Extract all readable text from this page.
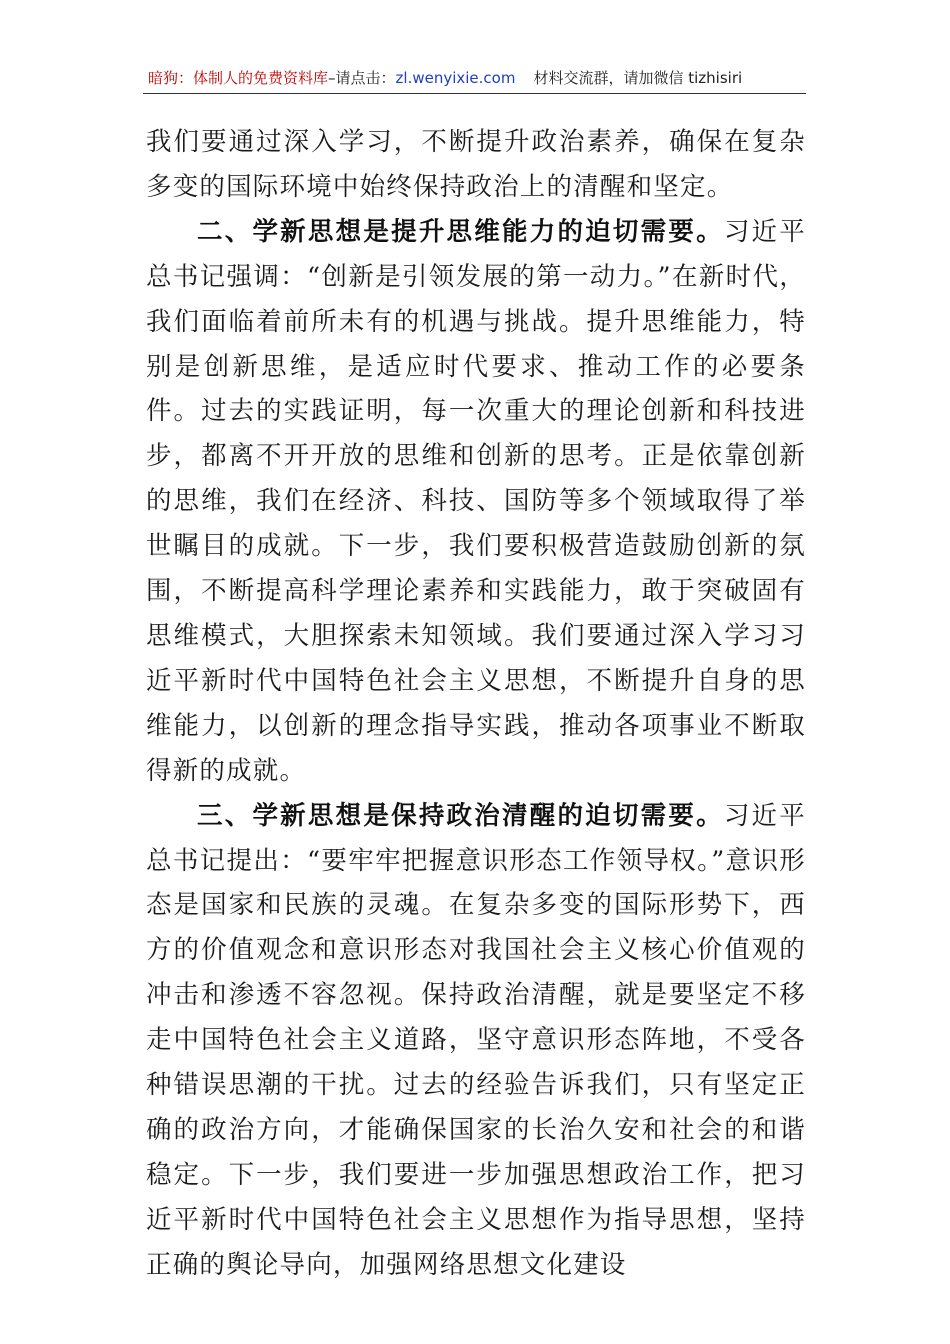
暗狗：体制人的免费资料库–请点击：zl.wenyixie.com 材料交流群，请加微信 tizhisiri

我们要通过深入学习，不断提升政治素养，确保在复杂多变的国际环境中始终保持政治上的清醒和坚定。

二、学新思想是提升思维能力的迫切需要。习近平总书记强调：“创新是引领发展的第一动力。”在新时代，我们面临着前所未有的机遇与挑战。提升思维能力，特别是创新思维，是适应时代要求、推动工作的必要条件。过去的实践证明，每一次重大的理论创新和科技进步，都离不开开放的思维和创新的思考。正是依靠创新的思维，我们在经济、科技、国防等多个领域取得了举世瞩目的成就。下一步，我们要积极营造鼓励创新的氛围，不断提高科学理论素养和实践能力，敢于突破固有思维模式，大胆探索未知领域。我们要通过深入学习习近平新时代中国特色社会主义思想，不断提升自身的思维能力，以创新的理念指导实践，推动各项事业不断取得新的成就。

三、学新思想是保持政治清醒的迫切需要。习近平总书记提出：“要牢牢把握意识形态工作领导权。”意识形态是国家和民族的灵魂。在复杂多变的国际形势下，西方的价值观念和意识形态对我国社会主义核心价值观的冲击和渗透不容忽视。保持政治清醒，就是要坚定不移走中国特色社会主义道路，坚守意识形态阵地，不受各种错误思潮的干扰。过去的经验告诉我们，只有坚定正确的政治方向，才能确保国家的长治久安和社会的和谐稳定。下一步，我们要进一步加强思想政治工作，把习近平新时代中国特色社会主义思想作为指导思想，坚持正确的舆论导向，加强网络思想文化建设
